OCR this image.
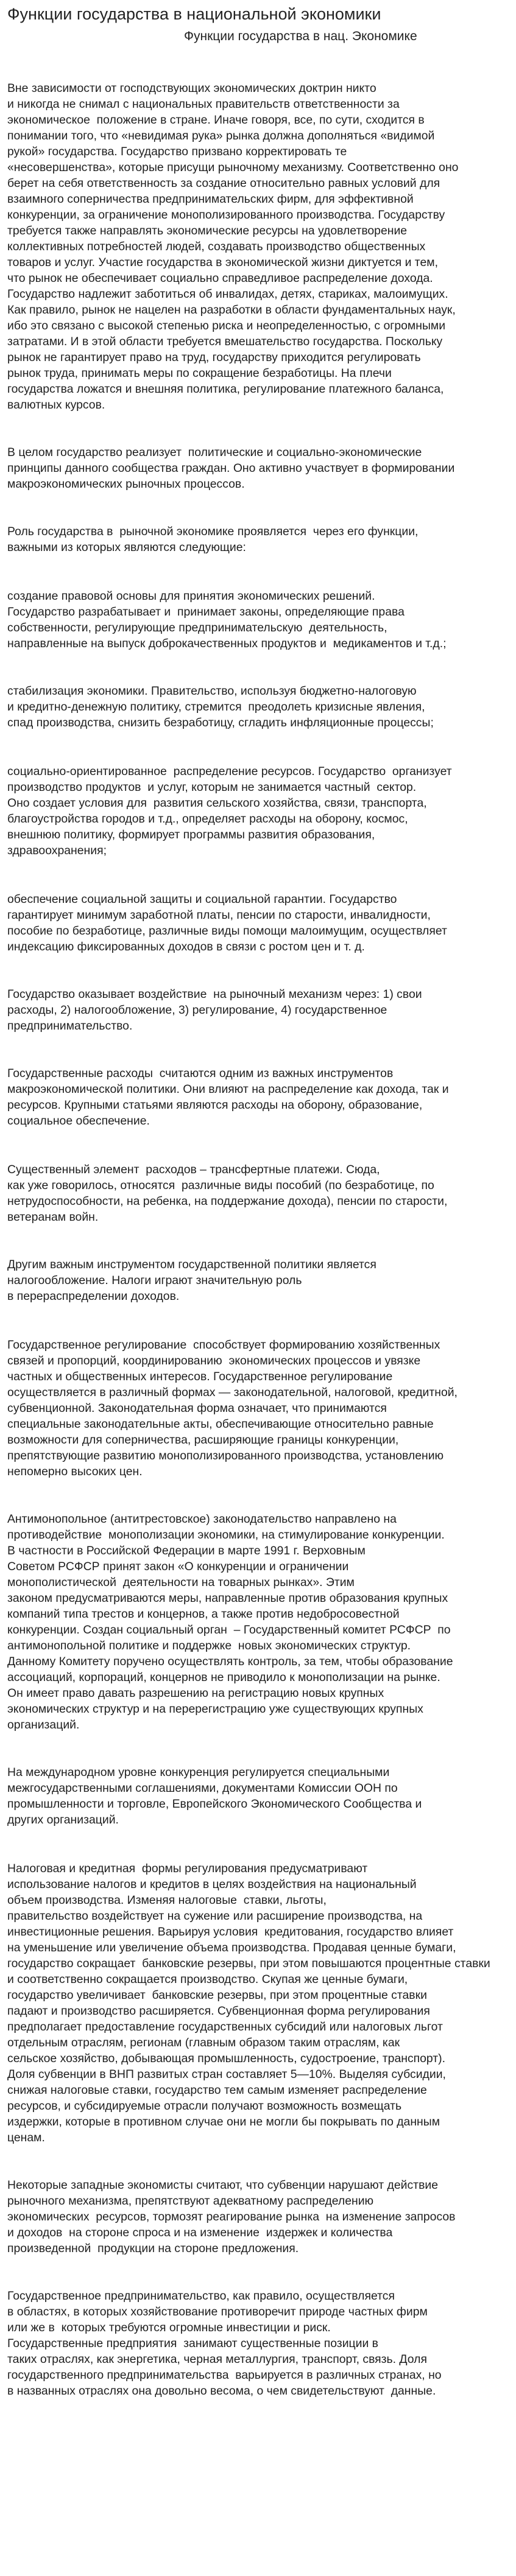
Функции государства в национальной экономики
Функции государства в нац. Экономике
Вне зависимости от господствующих экономических доктрин никто
и никогда не снимал с национальных правительств ответственности за
экономическое  положение в стране. Иначе говоря, все, по сути, сходится в
понимании того, что «невидимая рука» рынка должна дополняться «видимой
рукой» государства. Государство призвано корректировать те
«несовершенства», которые присущи рыночному механизму. Соответственно оно
берет на себя ответственность за создание относительно равных условий для
взаимного соперничества предпринимательских фирм, для эффективной
конкуренции, за ограничение монополизированного производства. Государству
требуется также направлять экономические ресурсы на удовлетворение
коллективных потребностей людей, создавать производство общественных
товаров и услуг. Участие государства в экономической жизни диктуется и тем,
что рынок не обеспечивает социально справедливое распределение дохода.
Государство надлежит заботиться об инвалидах, детях, стариках, малоимущих.
Как правило, рынок не нацелен на разработки в области фундаментальных наук,
ибо это связано с высокой степенью риска и неопределенностью, с огромными
затратами. И в этой области требуется вмешательство государства. Поскольку
рынок не гарантирует право на труд, государству приходится регулировать
рынок труда, принимать меры по сокращение безработицы. На плечи
государства ложатся и внешняя политика, регулирование платежного баланса,
валютных курсов.
В целом государство реализует  политические и социально-экономические
принципы данного сообщества граждан. Оно активно участвует в формировании
макроэкономических рыночных процессов.
Роль государства в  рыночной экономике проявляется  через его функции,
важными из которых являются следующие:
создание правовой основы для принятия экономических решений.
Государство разрабатывает и  принимает законы, определяющие права
собственности, регулирующие предпринимательскую  деятельность,
направленные на выпуск доброкачественных продуктов и  медикаментов и т.д.;
стабилизация экономики. Правительство, используя бюджетно-налоговую
и кредитно-денежную политику, стремится  преодолеть кризисные явления,
спад производства, снизить безработицу, сгладить инфляционные процессы;
социально-ориентированное  распределение ресурсов. Государство  организует
производство продуктов  и услуг, которым не занимается частный  сектор.
Оно создает условия для  развития сельского хозяйства, связи, транспорта,
благоустройства городов и т.д., определяет расходы на оборону, космос,
внешнюю политику, формирует программы развития образования,
здравоохранения;
обеспечение социальной защиты и социальной гарантии. Государство
гарантирует минимум заработной платы, пенсии по старости, инвалидности,
пособие по безработице, различные виды помощи малоимущим, осуществляет
индексацию фиксированных доходов в связи с ростом цен и т. д.
Государство оказывает воздействие  на рыночный механизм через: 1) свои
расходы, 2) налогообложение, 3) регулирование, 4) государственное
предпринимательство.
Государственные расходы  считаются одним из важных инструментов
макроэкономической политики. Они влияют на распределение как дохода, так и
ресурсов. Крупными статьями являются расходы на оборону, образование,
социальное обеспечение.
Существенный элемент  расходов – трансфертные платежи. Сюда,
как уже говорилось, относятся  различные виды пособий (по безработице, по
нетрудоспособности, на ребенка, на поддержание дохода), пенсии по старости,
ветеранам войн.
Другим важным инструментом государственной политики является
налогообложение. Налоги играют значительную роль
в перераспределении доходов.
Государственное регулирование  способствует формированию хозяйственных
связей и пропорций, координированию  экономических процессов и увязке
частных и общественных интересов. Государственное регулирование
осуществляется в различный формах — законодательной, налоговой, кредитной,
субвенционной. Законодательная форма означает, что принимаются
специальные законодательные акты, обеспечивающие относительно равные
возможности для соперничества, расширяющие границы конкуренции,
препятствующие развитию монополизированного производства, установлению
непомерно высоких цен.
Антимонопольное (антитрестовское) законодательство направлено на
противодействие  монополизации экономики, на стимулирование конкуренции.
В частности в Российской Федерации в марте 1991 г. Верховным
Советом РСФСР принят закон «О конкуренции и ограничении
монополистической  деятельности на товарных рынках». Этим
законом предусматриваются меры, направленные против образования крупных
компаний типа трестов и концернов, а также против недобросовестной
конкуренции. Создан социальный орган  – Государственный комитет РСФСР  по
антимонопольной политике и поддержке  новых экономических структур.
Данному Комитету поручено осуществлять контроль, за тем, чтобы образование
ассоциаций, корпораций, концернов не приводило к монополизации на рынке.
Он имеет право давать разрешению на регистрацию новых крупных
экономических структур и на перерегистрацию уже существующих крупных
организаций.
На международном уровне конкуренция регулируется специальными
межгосударственными соглашениями, документами Комиссии ООН по
промышленности и торговле, Европейского Экономического Сообщества и
других организаций.
Налоговая и кредитная  формы регулирования предусматривают
использование налогов и кредитов в целях воздействия на национальный
объем производства. Изменяя налоговые  ставки, льготы,
правительство воздействует на сужение или расширение производства, на
инвестиционные решения. Варьируя условия  кредитования, государство влияет
на уменьшение или увеличение объема производства. Продавая ценные бумаги,
государство сокращает  банковские резервы, при этом повышаются процентные ставки
и соответственно сокращается производство. Скупая же ценные бумаги,
государство увеличивает  банковские резервы, при этом процентные ставки
падают и производство расширяется. Субвенционная форма регулирования
предполагает предоставление государственных субсидий или налоговых льгот
отдельным отраслям, регионам (главным образом таким отраслям, как
сельское хозяйство, добывающая промышленность, судостроение, транспорт).
Доля субвенции в ВНП развитых стран составляет 5—10%. Выделяя субсидии,
снижая налоговые ставки, государство тем самым изменяет распределение
ресурсов, и субсидируемые отрасли получают возможность возмещать
издержки, которые в противном случае они не могли бы покрывать по данным
ценам.
Некоторые западные экономисты считают, что субвенции нарушают действие
рыночного механизма, препятствуют адекватному распределению
экономических  ресурсов, тормозят реагирование рынка  на изменение запросов
и доходов  на стороне спроса и на изменение  издержек и количества
произведенной  продукции на стороне предложения.
Государственное предпринимательство, как правило, осуществляется
в областях, в которых хозяйствование противоречит природе частных фирм
или же в  которых требуются огромные инвестиции и риск.
Государственные предприятия  занимают существенные позиции в
таких отраслях, как энергетика, черная металлургия, транспорт, связь. Доля
государственного предпринимательства  варьируется в различных странах, но
в названных отраслях она довольно весома, о чем свидетельствуют  данные.
